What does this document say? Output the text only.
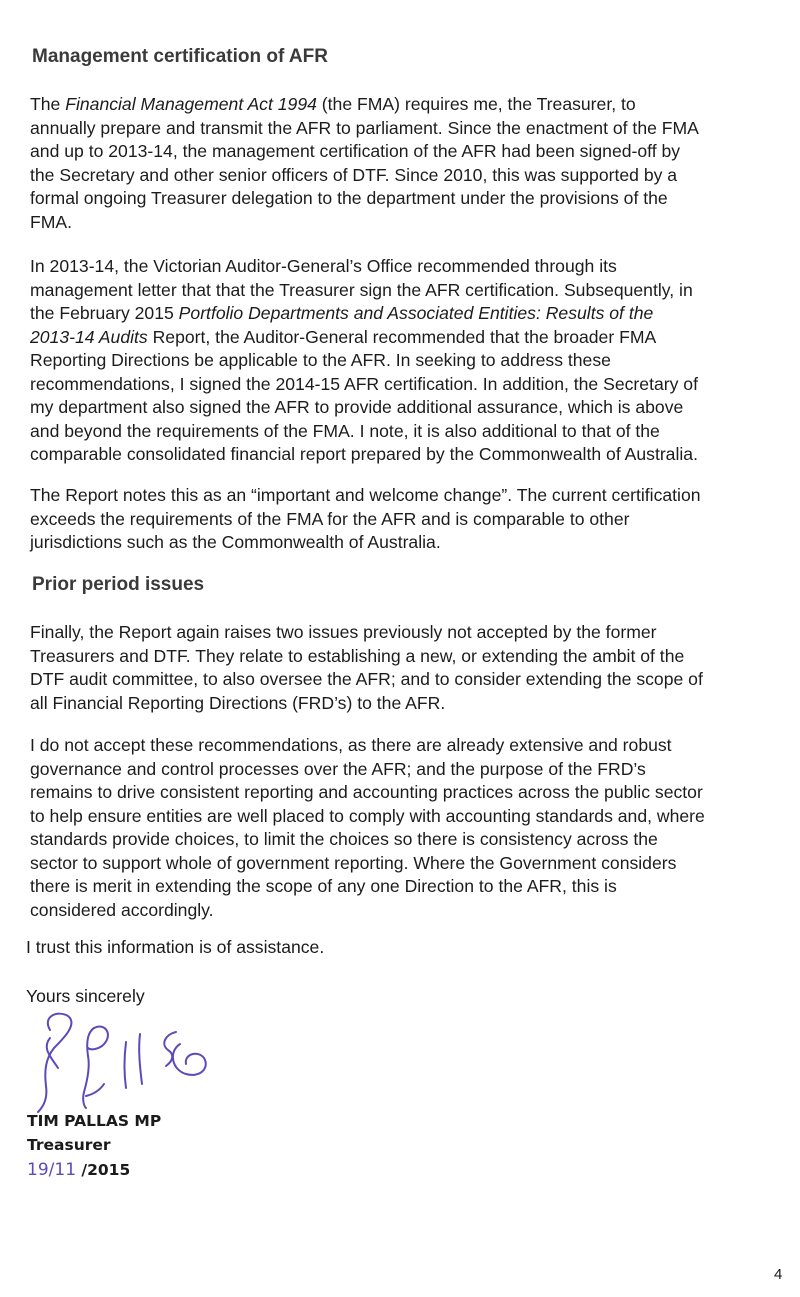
Management certification of AFR

The Financial Management Act 1994 (the FMA) requires me, the Treasurer, to
annually prepare and transmit the AFR to parliament. Since the enactment of the FMA
and up to 2013-14, the management certification of the AFR had been signed-off by
the Secretary and other senior officers of DTF. Since 2010, this was supported by a
formal ongoing Treasurer delegation to the department under the provisions of the
FMA.

In 2013-14, the Victorian Auditor-General’s Office recommended through its
management letter that that the Treasurer sign the AFR certification. Subsequently, in
the February 2015 Portfolio Departments and Associated Entities: Results of the
2013-14 Audits Report, the Auditor-General recommended that the broader FMA
Reporting Directions be applicable to the AFR. In seeking to address these
recommendations, I signed the 2014-15 AFR certification. In addition, the Secretary of
my department also signed the AFR to provide additional assurance, which is above
and beyond the requirements of the FMA. I note, it is also additional to that of the
comparable consolidated financial report prepared by the Commonwealth of Australia.

The Report notes this as an “important and welcome change”. The current certification
exceeds the requirements of the FMA for the AFR and is comparable to other
jurisdictions such as the Commonwealth of Australia.

Prior period issues

Finally, the Report again raises two issues previously not accepted by the former
Treasurers and DTF. They relate to establishing a new, or extending the ambit of the
DTF audit committee, to also oversee the AFR; and to consider extending the scope of
all Financial Reporting Directions (FRD’s) to the AFR.

I do not accept these recommendations, as there are already extensive and robust
governance and control processes over the AFR; and the purpose of the FRD’s
remains to drive consistent reporting and accounting practices across the public sector
to help ensure entities are well placed to comply with accounting standards and, where
standards provide choices, to limit the choices so there is consistency across the
sector to support whole of government reporting. Where the Government considers
there is merit in extending the scope of any one Direction to the AFR, this is
considered accordingly.

I trust this information is of assistance.

Yours sincerely

TIM PALLAS MP

Treasurer

19/11 /2015

4
